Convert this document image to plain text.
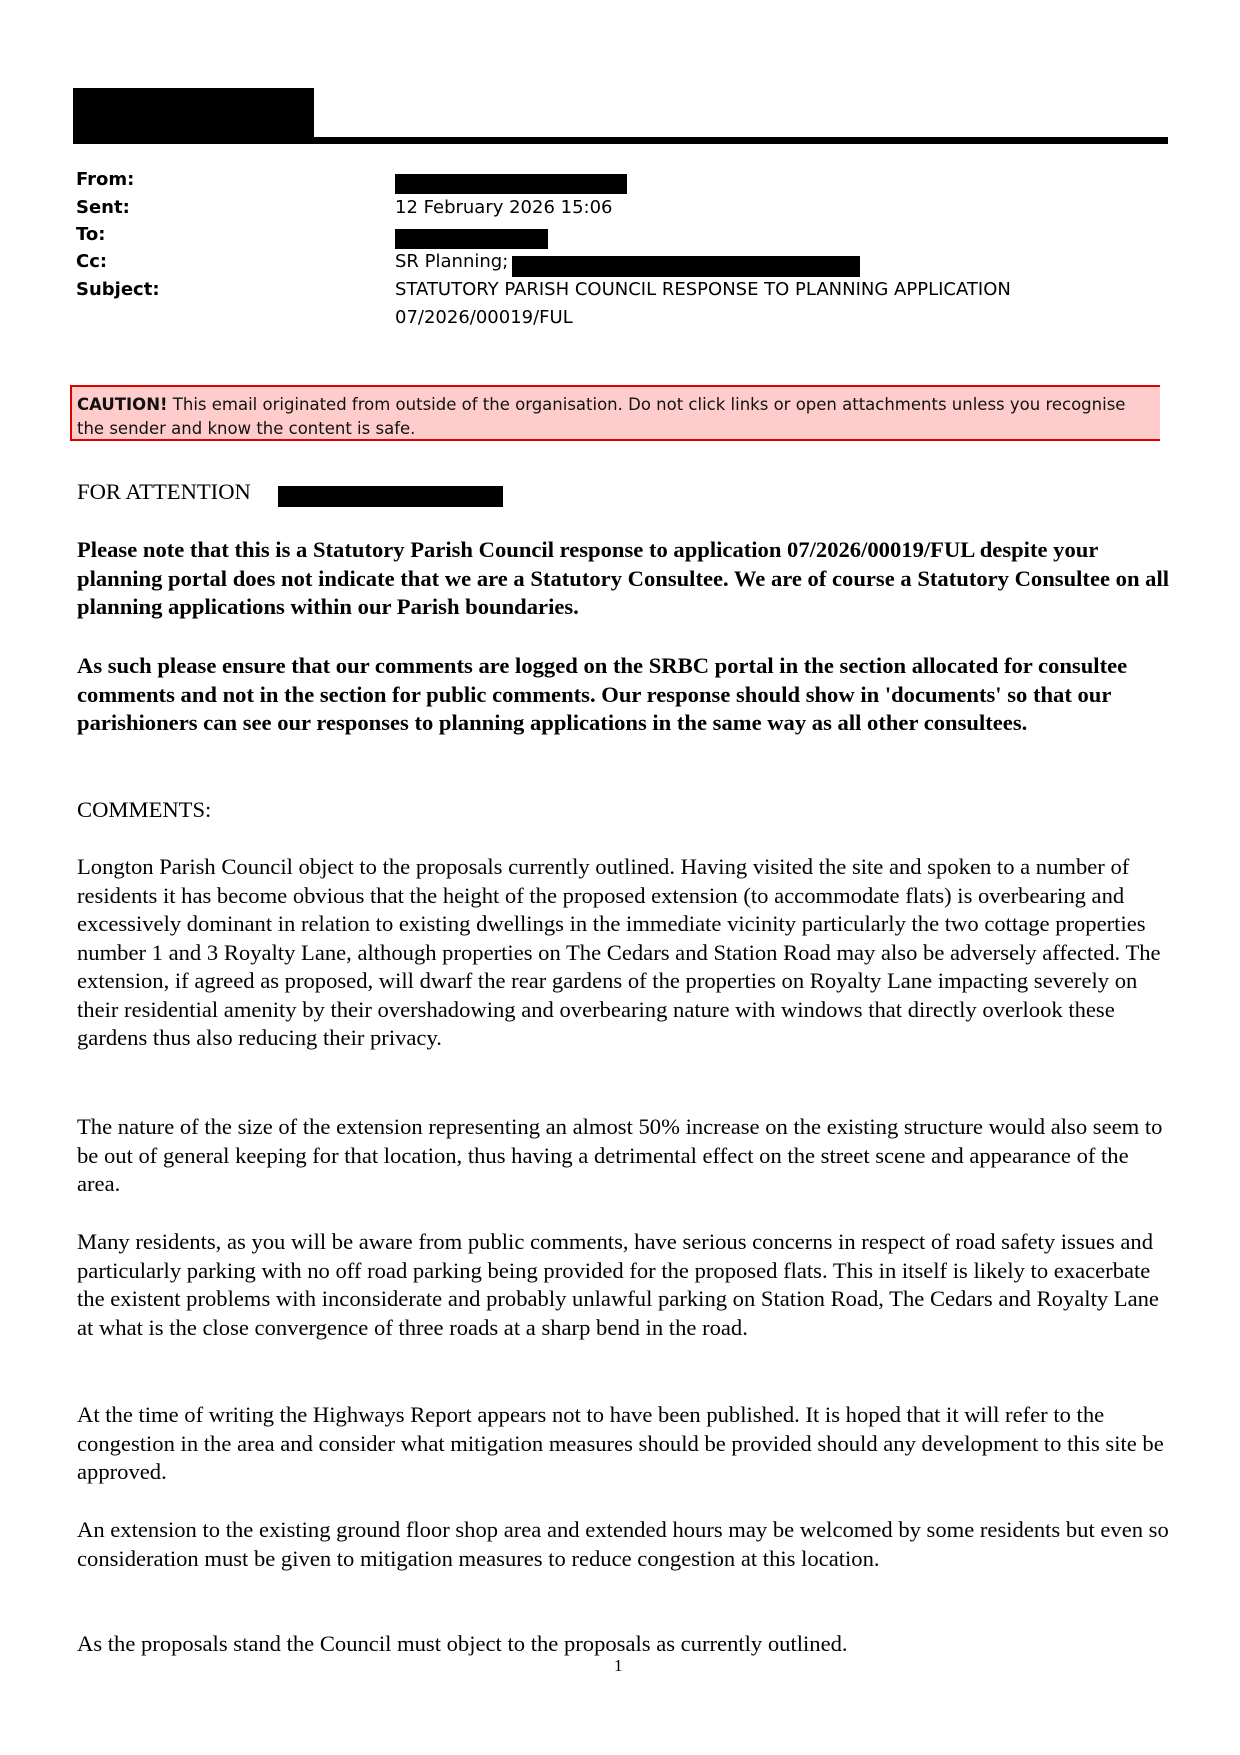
From:
Sent:	12 February 2026 15:06
To:
Cc:	SR Planning;
Subject:	STATUTORY PARISH COUNCIL RESPONSE TO PLANNING APPLICATION
07/2026/00019/FUL
CAUTION! This email originated from outside of the organisation. Do not click links or open attachments unless you recognise the sender and know the content is safe.

FOR ATTENTION

Please note that this is a Statutory Parish Council response to application 07/2026/00019/FUL despite your planning portal does not indicate that we are a Statutory Consultee. We are of course a Statutory Consultee on all planning applications within our Parish boundaries.

As such please ensure that our comments are logged on the SRBC portal in the section allocated for consultee comments and not in the section for public comments. Our response should show in 'documents' so that our parishioners can see our responses to planning applications in the same way as all other consultees.

COMMENTS:

Longton Parish Council object to the proposals currently outlined. Having visited the site and spoken to a number of residents it has become obvious that the height of the proposed extension (to accommodate flats) is overbearing and excessively dominant in relation to existing dwellings in the immediate vicinity particularly the two cottage properties number 1 and 3 Royalty Lane, although properties on The Cedars and Station Road may also be adversely affected. The extension, if agreed as proposed, will dwarf the rear gardens of the properties on Royalty Lane impacting severely on their residential amenity by their overshadowing and overbearing nature with windows that directly overlook these gardens thus also reducing their privacy.

The nature of the size of the extension representing an almost 50% increase on the existing structure would also seem to be out of general keeping for that location, thus having a detrimental effect on the street scene and appearance of the area.

Many residents, as you will be aware from public comments, have serious concerns in respect of road safety issues and particularly parking with no off road parking being provided for the proposed flats. This in itself is likely to exacerbate the existent problems with inconsiderate and probably unlawful parking on Station Road, The Cedars and Royalty Lane at what is the close convergence of three roads at a sharp bend in the road.

At the time of writing the Highways Report appears not to have been published. It is hoped that it will refer to the congestion in the area and consider what mitigation measures should be provided should any development to this site be approved.

An extension to the existing ground floor shop area and extended hours may be welcomed by some residents but even so consideration must be given to mitigation measures to reduce congestion at this location.

As the proposals stand the Council must object to the proposals as currently outlined.

1
